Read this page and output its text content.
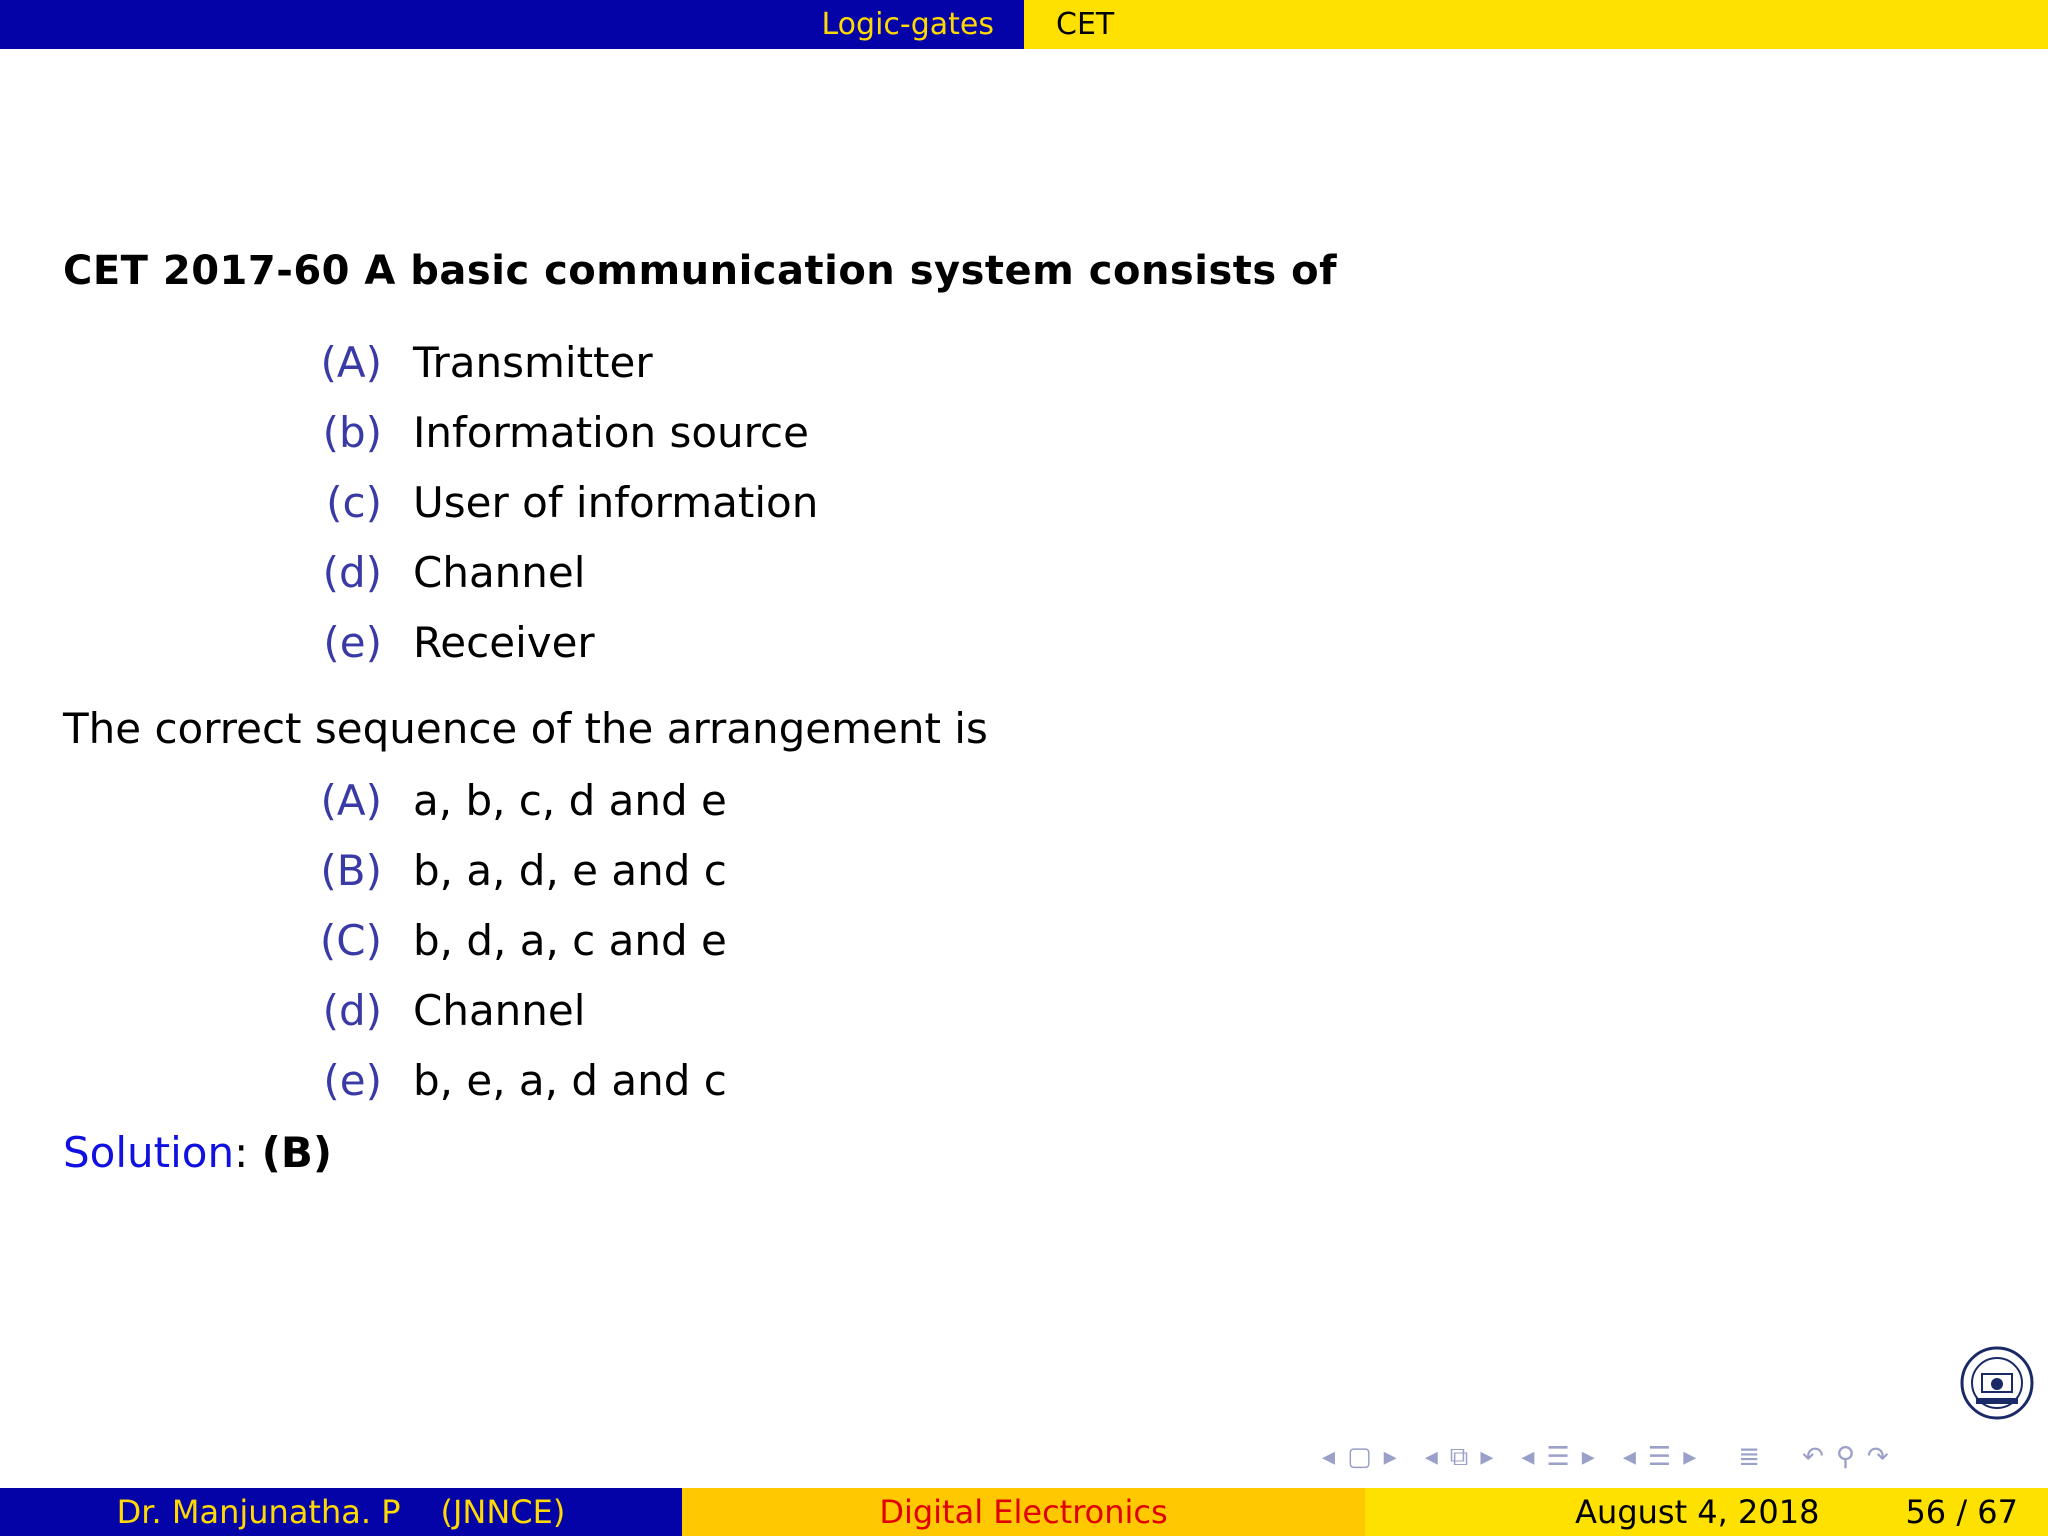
Logic-gates CET
CET 2017-60 A basic communication system consists of
(A) Transmitter
(b) Information source
(c) User of information
(d) Channel
(e) Receiver
The correct sequence of the arrangement is
(A) a, b, c, d and e
(B) b, a, d, e and c
(C) b, d, a, c and e
(d) Channel
(e) b, e, a, d and c
Solution: (B)
◂ ▢ ▸ ◂ ⧉ ▸ ◂ ☰ ▸ ◂ ☰ ▸ ≣ ↶ ⚲ ↷
Dr. Manjunatha. P (JNNCE)	Digital Electronics	August 4, 2018	56 / 67
